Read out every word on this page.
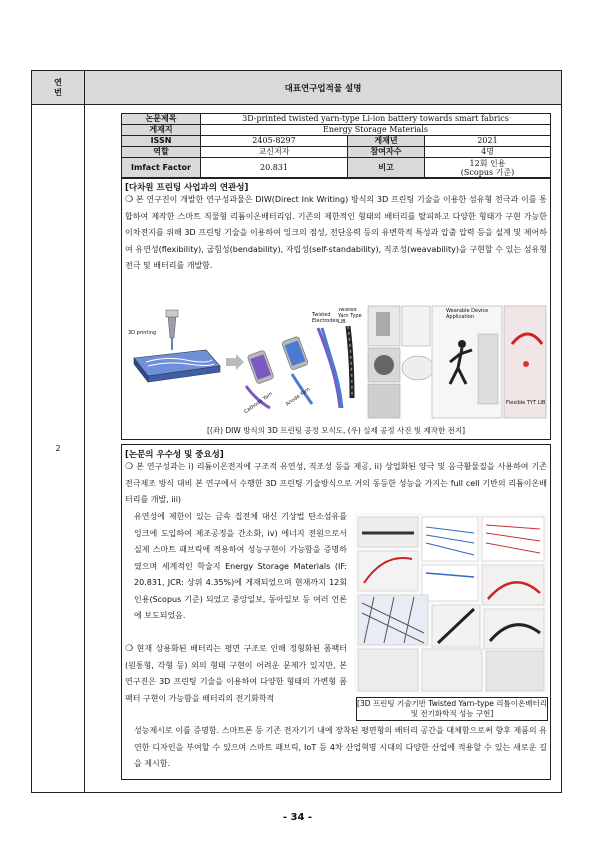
연
번	대표연구업적물 설명
2
논문제목	3D-printed twisted yarn-type Li-ion battery towards smart fabrics		
게재지	Energy Storage Materials		
ISSN	2405-8297	게재년	2021
역할	교신저자	참여자수	4명
Imfact Factor	20.831	비고	12회 인용
(Scopus 기준)
[다차원 프린팅 사업과의 연관성]
❍ 본 연구진이 개발한 연구성과물은 DIW(Direct Ink Writing) 방식의 3D 프린팅 기술을 이용한 섬유형 전극과 이를 통합하여 제작한 스마트 직물형 리튬이온배터리임. 기존의 제한적인 형태의 배터리를 탈피하고 다양한 형태가 구현 가능한 이차전지를 위해 3D 프린팅 기술을 이용하여 잉크의 점성, 전단응력 등의 유변학적 특성과 압출 압력 등을 설계 및 제어하여 유연성(flexibility), 굽힘성(bendability), 자립성(self-standability), 직조성(weavability)을 구현할 수 있는 섬유형 전극 및 배터리를 개발함.
3D printing
Cathode Yarn Anode Yarn
Twisted Electrodes
Twisted Yarn Type LIB
Wearable Device Application
Flexible TYT LIB
[(좌) DIW 방식의 3D 프린팅 공정 모식도, (우) 실제 공정 사진 및 제작한 전지]
[논문의 우수성 및 중요성]
❍ 본 연구성과는 i) 리튬이온전지에 구조적 유연성, 직조성 등을 제공, ii) 상업화된 양극 및 음극활물질을 사용하여 기존 전극제조 방식 대비 본 연구에서 수행한 3D 프린팅 기술방식으로 거의 동등한 성능을 가지는 full cell 기반의 리튬이온배터리를 개발, iii)
유연성에 제한이 있는 금속 집전체 대신 기상법 탄소섬유를 잉크에 도입하여 제조공정을 간소화, iv) 에너지 전원으로서 실제 스마트 패브릭에 적용하여 성능구현이 가능함을 증명하였으며 세계적인 학술지 Energy Storage Materials (IF: 20.831, JCR: 상위 4.35%)에 게재되었으며 현재까지 12회 인용(Scopus 기준) 되었고 중앙일보, 동아일보 등 여러 언론에 보도되었음.
❍ 현재 상용화된 배터리는 평면 구조로 인해 정형화된 폼팩터(원통형, 각형 등) 외의 형태 구현이 어려운 문제가 있지만, 본 연구진은 3D 프린팅 기술을 이용하여 다양한 형태의 가변형 폼팩터 구현이 가능함을 배터리의 전기화학적
성능제시로 이를 증명함. 스마트폰 등 기존 전자기기 내에 장착된 평면형의 배터리 공간을 대체함으로써 향후 제품의 유연한 디자인을 부여할 수 있으며 스마트 패브릭, IoT 등 4차 산업혁명 시대의 다양한 산업에 적용할 수 있는 새로운 길을 제시함.
[3D 프린팅 기술기반 Twisted Yarn-type 리튬이온배터리 및 전기화학적 성능 구현]
- 34 -
